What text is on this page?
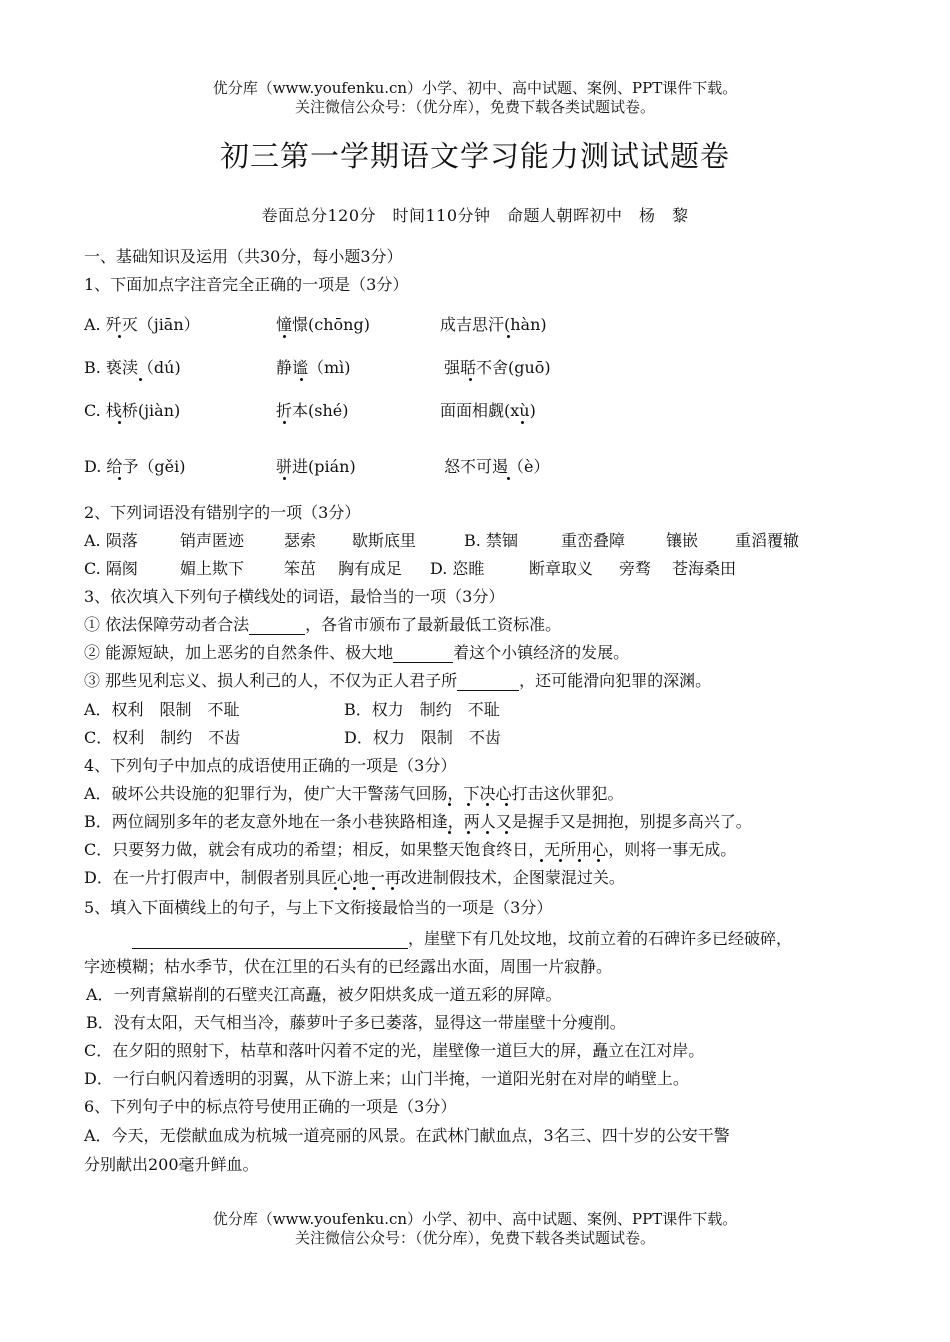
优分库（www.youfenku.cn）小学、初中、高中试题、案例、PPT课件下载。
关注微信公众号：（优分库），免费下载各类试题试卷。
初三第一学期语文学习能力测试试题卷
卷面总分120分　时间110分钟　命题人朝晖初中　杨　黎
一、基础知识及运用（共30分，每小题3分）
1、下面加点字注音完全正确的一项是（3分）
A. 歼灭（jiān）	憧憬(chōng)	成吉思汗(hàn)
B. 亵渎（dú)	静谧（mì)	强聒不舍(guō)
C. 栈桥(jiàn)	折本(shé)	面面相觑(xù)
D. 给予（gěi)	骈进(pián)	怒不可遏（è）
2、下列词语没有错别字的一项（3分）
A. 陨落	销声匿迹 瑟索 歇斯底里	B. 禁锢	重峦叠障	镶嵌 重滔覆辙
C. 隔阂	媚上欺下 笨茁 胸有成足 D. 恣睢	断章取义 旁骛 苍海桑田
3、依次填入下列句子横线处的词语，最恰当的一项（3分）
① 依法保障劳动者合法	，各省市颁布了最新最低工资标准。
② 能源短缺，加上恶劣的自然条件、极大地	着这个小镇经济的发展。
③ 那些见利忘义、损人利己的人，不仅为正人君子所	，还可能滑向犯罪的深渊。
A．权利　限制　不耻	B．权力　制约　不耻
C．权利　制约　不齿	D．权力　限制　不齿
4、下列句子中加点的成语使用正确的一项是（3分）
A．破坏公共设施的犯罪行为，使广大干警荡气回肠，下决心打击这伙罪犯。
B．两位阔别多年的老友意外地在一条小巷狭路相逢，两人又是握手又是拥抱，别提多高兴了。
C．只要努力做，就会有成功的希望；相反，如果整天饱食终日，无所用心，则将一事无成。
D．在一片打假声中，制假者别具匠心地一再改进制假技术，企图蒙混过关。
5、填入下面横线上的句子，与上下文衔接最恰当的一项是（3分）
，崖壁下有几处坟地，坟前立着的石碑许多已经破碎，
字迹模糊；枯水季节，伏在江里的石头有的已经露出水面，周围一片寂静。
A．一列青黛崭削的石壁夹江高矗，被夕阳烘炙成一道五彩的屏障。
B．没有太阳，天气相当冷，藤萝叶子多已萎落，显得这一带崖壁十分瘦削。
C．在夕阳的照射下，枯草和落叶闪着不定的光，崖壁像一道巨大的屏，矗立在江对岸。
D．一行白帆闪着透明的羽翼，从下游上来；山门半掩，一道阳光射在对岸的峭壁上。
6、下列句子中的标点符号使用正确的一项是（3分）
A．今天，无偿献血成为杭城一道亮丽的风景。在武林门献血点，3名三、四十岁的公安干警
分别献出200毫升鲜血。
优分库（www.youfenku.cn）小学、初中、高中试题、案例、PPT课件下载。
关注微信公众号：（优分库），免费下载各类试题试卷。
